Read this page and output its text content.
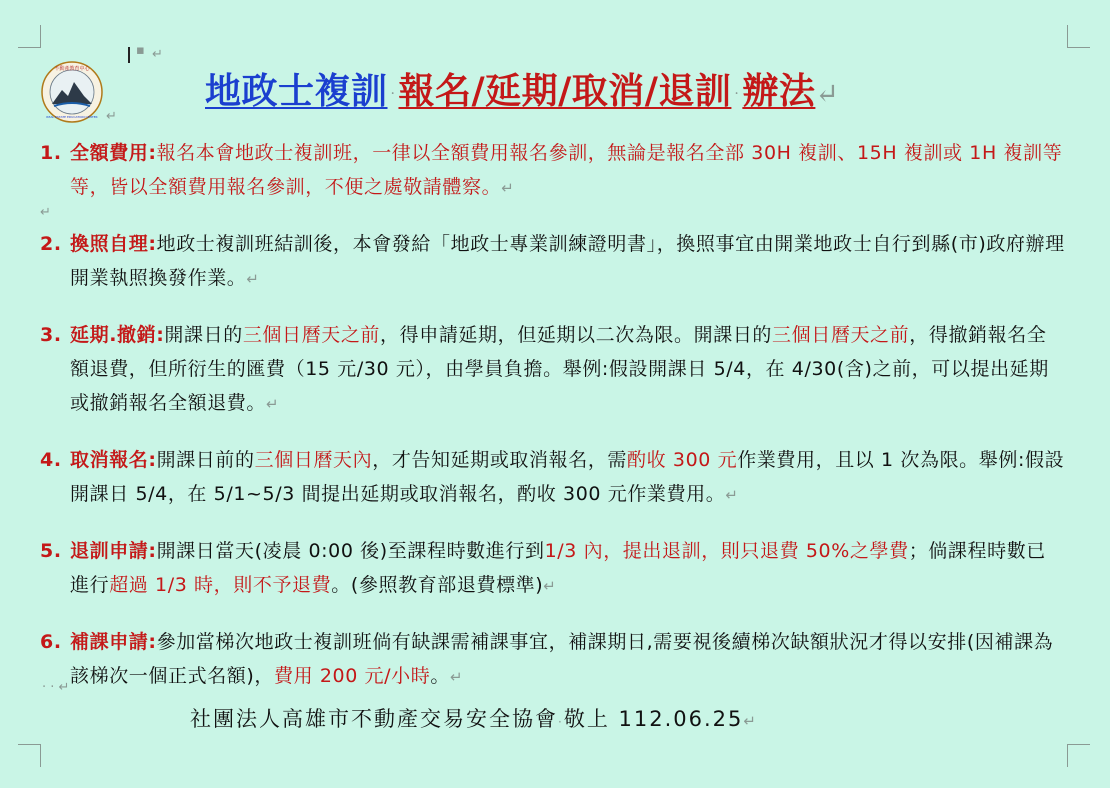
▪ ↵
↵
↵
· · ↵
不動產教育中心
REAL ESTATE EDUCATION CENTER
地政士複訓 ·報名/延期/取消/退訓 ·辦法↵
1. 全額費用:報名本會地政士複訓班，一律以全額費用報名參訓，無論是報名全部 30H 複訓、15H 複訓或 1H 複訓等等，皆以全額費用報名參訓，不便之處敬請體察。↵
2. 換照自理:地政士複訓班結訓後，本會發給「地政士專業訓練證明書」，換照事宜由開業地政士自行到縣(市)政府辦理開業執照換發作業。↵
3. 延期.撤銷:開課日的三個日曆天之前，得申請延期，但延期以二次為限。開課日的三個日曆天之前，得撤銷報名全額退費，但所衍生的匯費（15 元/30 元），由學員負擔。舉例:假設開課日 5/4，在 4/30(含)之前，可以提出延期或撤銷報名全額退費。↵
4. 取消報名:開課日前的三個日曆天內，才告知延期或取消報名，需酌收 300 元作業費用，且以 1 次為限。舉例:假設開課日 5/4，在 5/1~5/3 間提出延期或取消報名，酌收 300 元作業費用。↵
5. 退訓申請:開課日當天(凌晨 0:00 後)至課程時數進行到1/3 內，提出退訓，則只退費 50%之學費；倘課程時數已進行超過 1/3 時，則不予退費。(參照教育部退費標準)↵
6. 補課申請:參加當梯次地政士複訓班倘有缺課需補課事宜，補課期日,需要視後續梯次缺額狀況才得以安排(因補課為該梯次一個正式名額)，費用 200 元/小時。↵
社團法人高雄市不動產交易安全協會·敬上 112.06.25↵
